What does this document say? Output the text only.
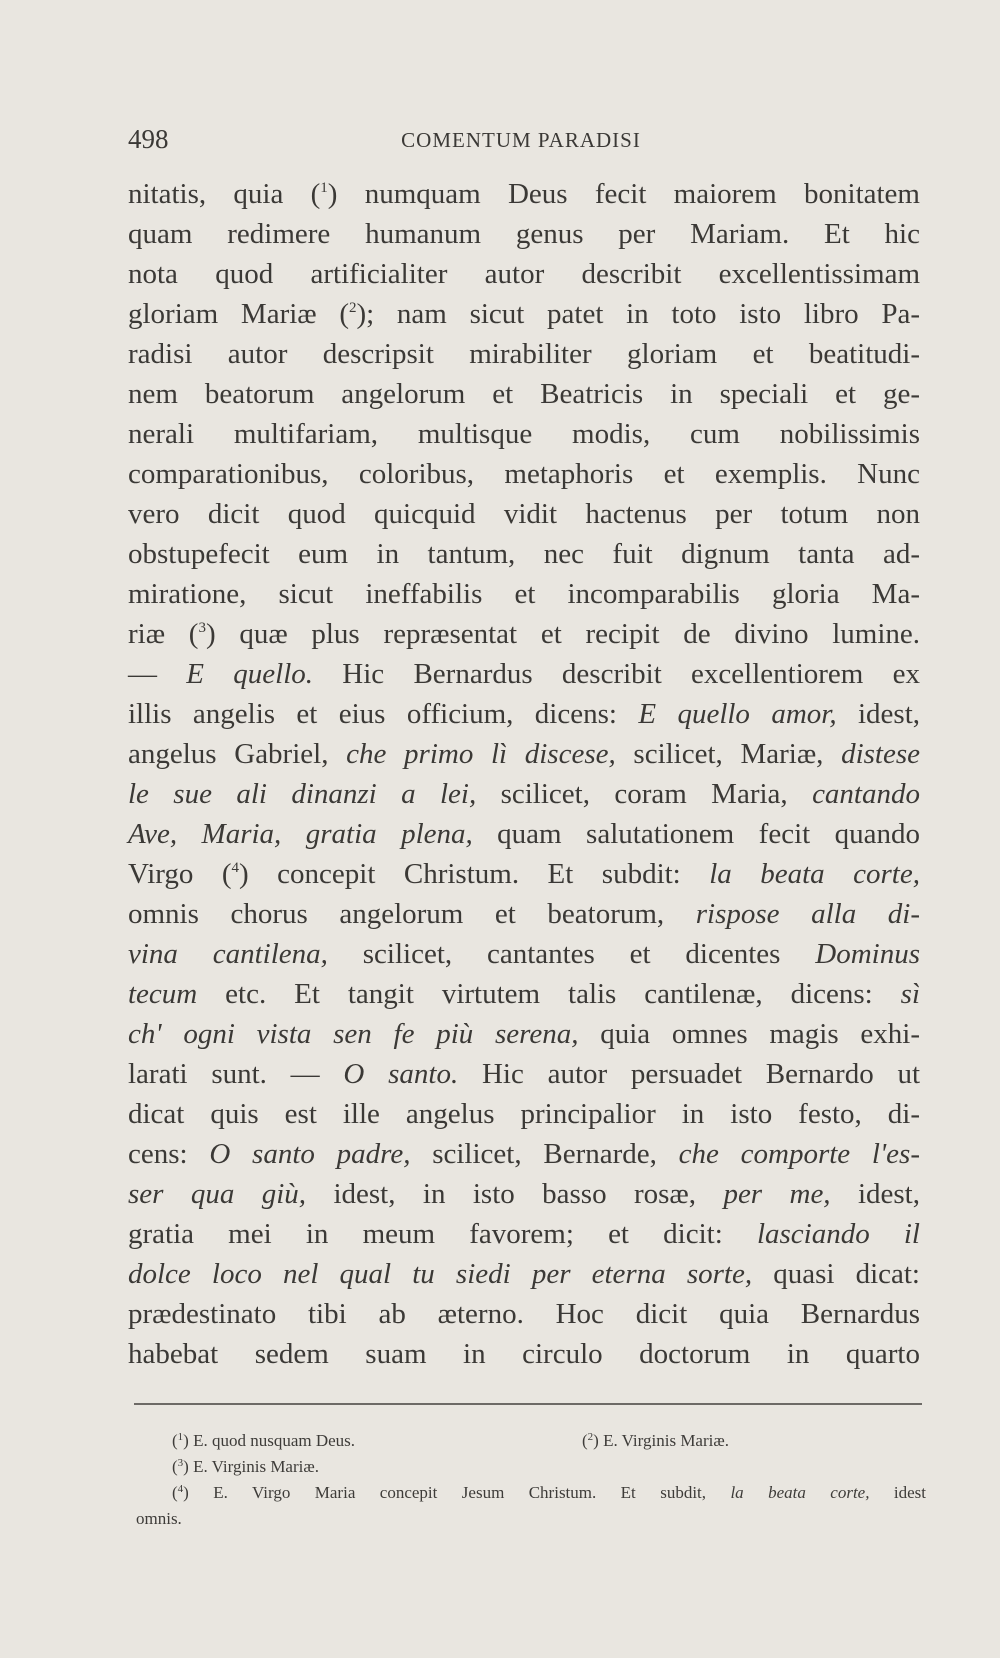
498	COMENTUM PARADISI
nitatis, quia ($^1$) numquam Deus fecit maiorem bonitatem
quam redimere humanum genus per Mariam. Et hic
nota quod artificialiter autor describit excellentissimam
gloriam Mariæ ($^2$); nam sicut patet in toto isto libro Pa-
radisi autor descripsit mirabiliter gloriam et beatitudi-
nem beatorum angelorum et Beatricis in speciali et ge-
nerali multifariam, multisque modis, cum nobilissimis
comparationibus, coloribus, metaphoris et exemplis. Nunc
vero dicit quod quicquid vidit hactenus per totum non
obstupefecit eum in tantum, nec fuit dignum tanta ad-
miratione, sicut ineffabilis et incomparabilis gloria Ma-
riæ ($^3$) quæ plus repræsentat et recipit de divino lumine.
— E quello. Hic Bernardus describit excellentiorem ex
illis angelis et eius officium, dicens: E quello amor, idest,
angelus Gabriel, che primo lì discese, scilicet, Mariæ, distese
le sue ali dinanzi a lei, scilicet, coram Maria, cantando
Ave, Maria, gratia plena, quam salutationem fecit quando
Virgo ($^4$) concepit Christum. Et subdit: la beata corte,
omnis chorus angelorum et beatorum, rispose alla di-
vina cantilena, scilicet, cantantes et dicentes Dominus
tecum etc. Et tangit virtutem talis cantilenæ, dicens: sì
ch' ogni vista sen fe più serena, quia omnes magis exhi-
larati sunt. — O santo. Hic autor persuadet Bernardo ut
dicat quis est ille angelus principalior in isto festo, di-
cens: O santo padre, scilicet, Bernarde, che comporte l'es-
ser qua giù, idest, in isto basso rosæ, per me, idest,
gratia mei in meum favorem; et dicit: lasciando il
dolce loco nel qual tu siedi per eterna sorte, quasi dicat:
prædestinato tibi ab æterno. Hoc dicit quia Bernardus
habebat sedem suam in circulo doctorum in quarto
($^1$) E. quod nusquam Deus.	($^2$) E. Virginis Mariæ.
($^3$) E. Virginis Mariæ.
($^4$) E. Virgo Maria concepit Jesum Christum. Et subdit, la beata corte, idest
omnis.
